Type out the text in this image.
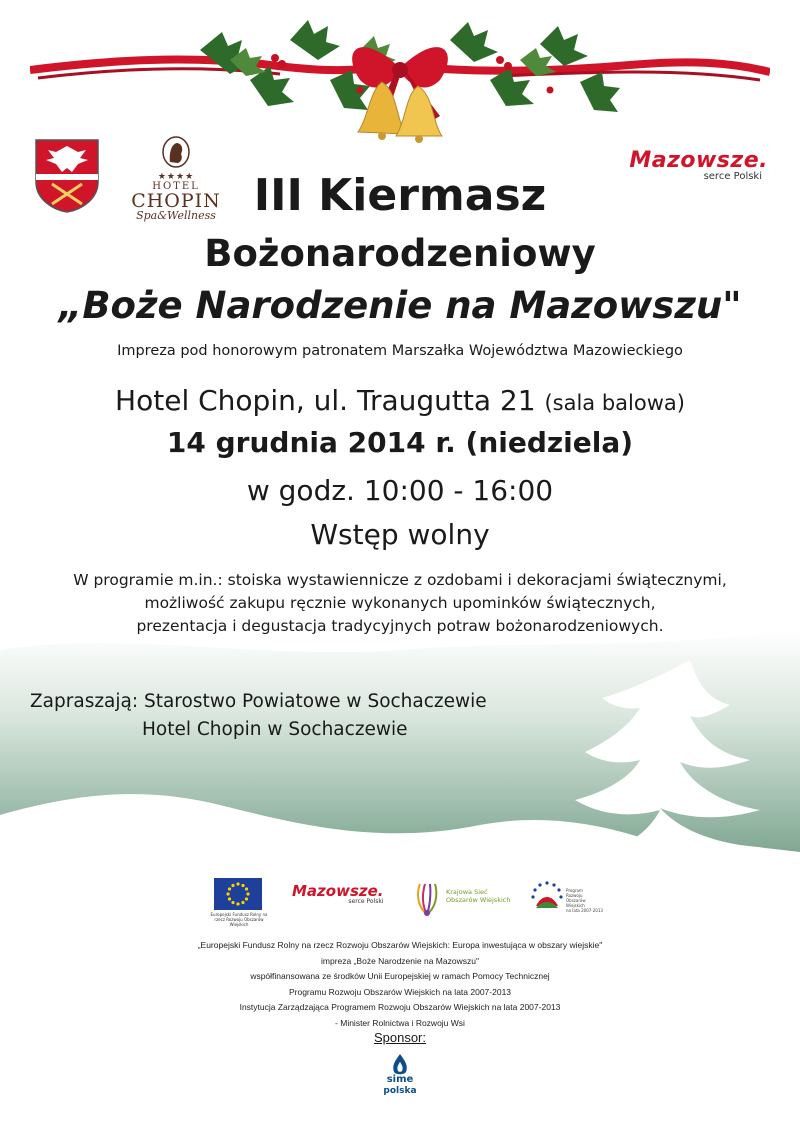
★★★★
HOTEL
CHOPIN
Spa&Wellness
Mazowsze.
serce Polski
III Kiermasz
Bożonarodzeniowy
„Boże Narodzenie na Mazowszu"
Impreza pod honorowym patronatem Marszałka Województwa Mazowieckiego
Hotel Chopin, ul. Traugutta 21 (sala balowa)
14 grudnia 2014 r. (niedziela)
w godz. 10:00 - 16:00
Wstęp wolny
W programie m.in.: stoiska wystawiennicze z ozdobami i dekoracjami świątecznymi,
możliwość zakupu ręcznie wykonanych upominków świątecznych,
prezentacja i degustacja tradycyjnych potraw bożonarodzeniowych.
Zapraszają: Starostwo Powiatowe w Sochaczewie
Hotel Chopin w Sochaczewie
Europejski Fundusz Rolny na rzecz Rozwoju Obszarów Wiejskich
Mazowsze.
serce Polski
Krajowa Sieć
Obszarów Wiejskich
Program
Rozwoju
Obszarów
Wiejskich
na lata 2007-2013
„Europejski Fundusz Rolny na rzecz Rozwoju Obszarów Wiejskich: Europa inwestująca w obszary wiejskie"
impreza „Boże Narodzenie na Mazowszu"
współfinansowana ze środków Unii Europejskiej w ramach Pomocy Technicznej
Programu Rozwoju Obszarów Wiejskich na lata 2007-2013
Instytucja Zarządzająca Programem Rozwoju Obszarów Wiejskich na lata 2007-2013
- Minister Rolnictwa i Rozwoju Wsi
Sponsor:
sime
polska
